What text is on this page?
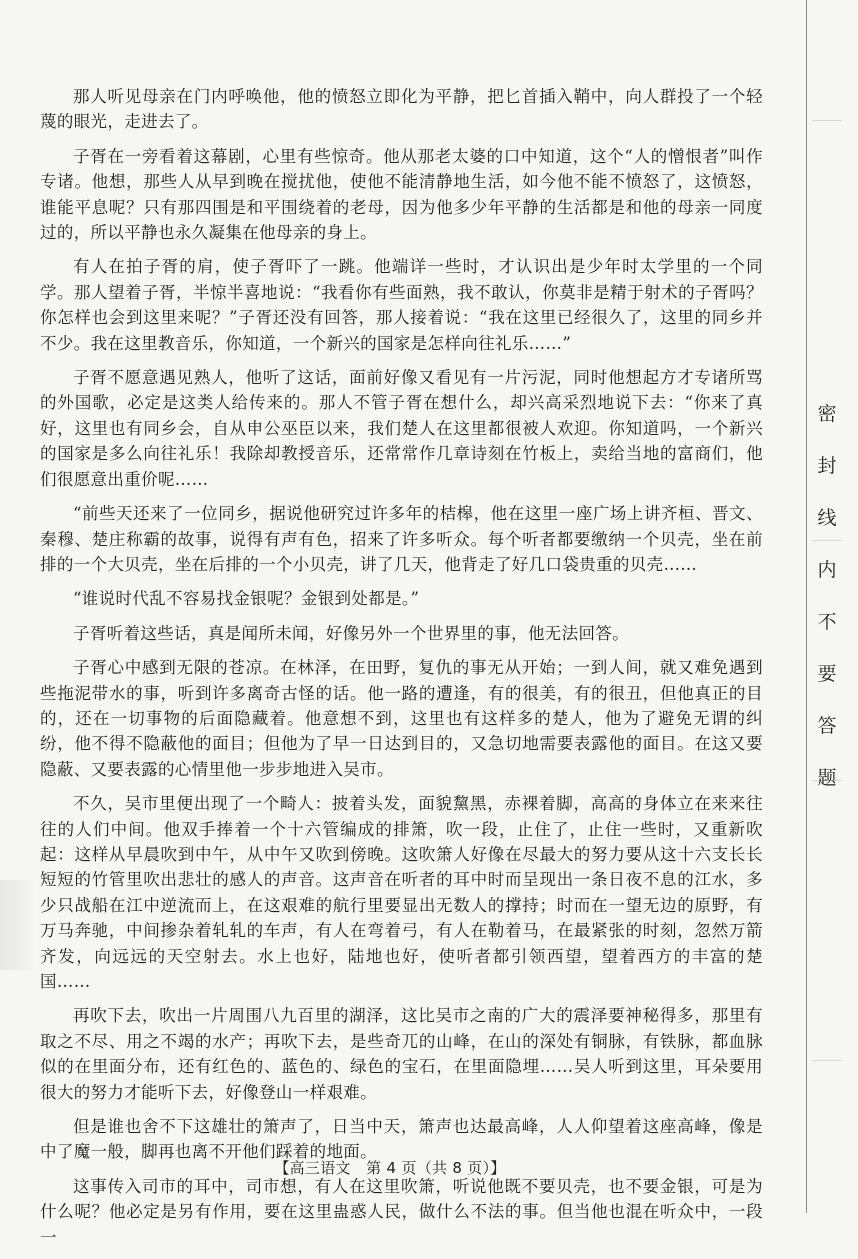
那人听见母亲在门内呼唤他，他的愤怒立即化为平静，把匕首插入鞘中，向人群投了一个轻蔑的眼光，走进去了。

子胥在一旁看着这幕剧，心里有些惊奇。他从那老太婆的口中知道，这个“人的憎恨者”叫作专诸。他想，那些人从早到晚在搅扰他，使他不能清静地生活，如今他不能不愤怒了，这愤怒，谁能平息呢？只有那四围是和平围绕着的老母，因为他多少年平静的生活都是和他的母亲一同度过的，所以平静也永久凝集在他母亲的身上。

有人在拍子胥的肩，使子胥吓了一跳。他端详一些时，才认识出是少年时太学里的一个同学。那人望着子胥，半惊半喜地说：“我看你有些面熟，我不敢认，你莫非是精于射术的子胥吗？你怎样也会到这里来呢？”子胥还没有回答，那人接着说：“我在这里已经很久了，这里的同乡并不少。我在这里教音乐，你知道，一个新兴的国家是怎样向往礼乐……”

子胥不愿意遇见熟人，他听了这话，面前好像又看见有一片污泥，同时他想起方才专诸所骂的外国歌，必定是这类人给传来的。那人不管子胥在想什么，却兴高采烈地说下去：“你来了真好，这里也有同乡会，自从申公巫臣以来，我们楚人在这里都很被人欢迎。你知道吗，一个新兴的国家是多么向往礼乐！我除却教授音乐，还常常作几章诗刻在竹板上，卖给当地的富商们，他们很愿意出重价呢……

“前些天还来了一位同乡，据说他研究过许多年的桔槔，他在这里一座广场上讲齐桓、晋文、秦穆、楚庄称霸的故事，说得有声有色，招来了许多听众。每个听者都要缴纳一个贝壳，坐在前排的一个大贝壳，坐在后排的一个小贝壳，讲了几天，他背走了好几口袋贵重的贝壳……

“谁说时代乱不容易找金银呢？金银到处都是。”

子胥听着这些话，真是闻所未闻，好像另外一个世界里的事，他无法回答。

子胥心中感到无限的苍凉。在林泽，在田野，复仇的事无从开始；一到人间，就又难免遇到些拖泥带水的事，听到许多离奇古怪的话。他一路的遭逢，有的很美，有的很丑，但他真正的目的，还在一切事物的后面隐藏着。他意想不到，这里也有这样多的楚人，他为了避免无谓的纠纷，他不得不隐蔽他的面目；但他为了早一日达到目的，又急切地需要表露他的面目。在这又要隐蔽、又要表露的心情里他一步步地进入吴市。

不久，吴市里便出现了一个畸人：披着头发，面貌黧黑，赤裸着脚，高高的身体立在来来往往的人们中间。他双手捧着一个十六管编成的排箫，吹一段，止住了，止住一些时，又重新吹起：这样从早晨吹到中午，从中午又吹到傍晚。这吹箫人好像在尽最大的努力要从这十六支长长短短的竹管里吹出悲壮的感人的声音。这声音在听者的耳中时而呈现出一条日夜不息的江水，多少只战船在江中逆流而上，在这艰难的航行里要显出无数人的撑持；时而在一望无边的原野，有万马奔驰，中间掺杂着轧轧的车声，有人在弯着弓，有人在勒着马，在最紧张的时刻，忽然万箭齐发，向远远的天空射去。水上也好，陆地也好，使听者都引领西望，望着西方的丰富的楚国……

再吹下去，吹出一片周围八九百里的湖泽，这比吴市之南的广大的震泽要神秘得多，那里有取之不尽、用之不竭的水产；再吹下去，是些奇兀的山峰，在山的深处有铜脉，有铁脉，都血脉似的在里面分布，还有红色的、蓝色的、绿色的宝石，在里面隐埋……吴人听到这里，耳朵要用很大的努力才能听下去，好像登山一样艰难。

但是谁也舍不下这雄壮的箫声了，日当中天，箫声也达最高峰，人人仰望着这座高峰，像是中了魔一般，脚再也离不开他们踩着的地面。

这事传入司市的耳中，司市想，有人在这里吹箫，听说他既不要贝壳，也不要金银，可是为什么呢？他必定是另有作用，要在这里蛊惑人民，做什么不法的事。但当他也混在听众中，一段一

密
封
线
内
不
要
答
题
【高三语文　第 4 页（共 8 页）】
